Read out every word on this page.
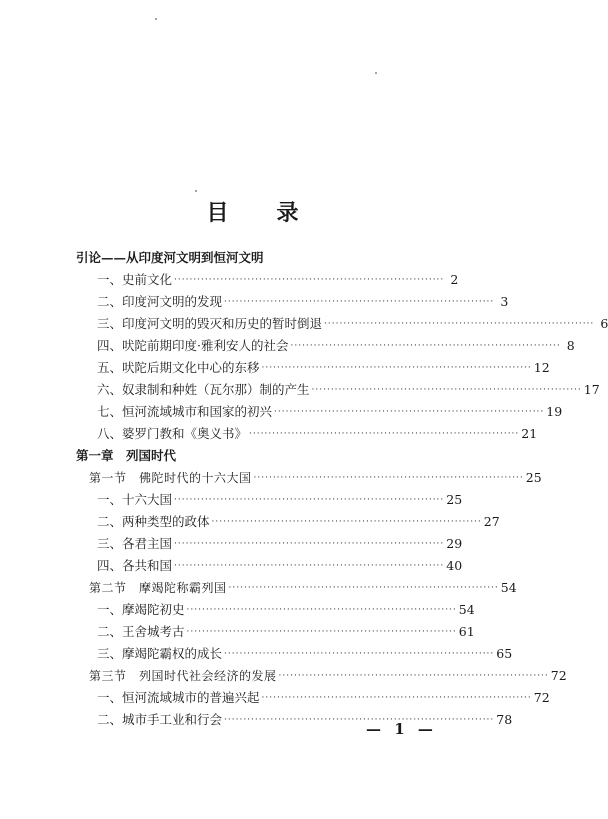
目 录
引论——从印度河文明到恒河文明
一、史前文化 ······································································ 2
二、印度河文明的发现 ······································································ 3
三、印度河文明的毁灭和历史的暂时倒退 ······································································ 6
四、吠陀前期印度·雅利安人的社会 ······································································ 8
五、吠陀后期文化中心的东移 ······································································ 12
六、奴隶制和种姓（瓦尔那）制的产生 ······································································ 17
七、恒河流域城市和国家的初兴 ······································································ 19
八、婆罗门教和《奥义书》 ······································································ 21
第一章　列国时代
第一节　佛陀时代的十六大国 ······································································ 25
一、十六大国 ······································································ 25
二、两种类型的政体 ······································································ 27
三、各君主国 ······································································ 29
四、各共和国 ······································································ 40
第二节　摩竭陀称霸列国 ······································································ 54
一、摩竭陀初史 ······································································ 54
二、王舍城考古 ······································································ 61
三、摩竭陀霸权的成长 ······································································ 65
第三节　列国时代社会经济的发展 ······································································ 72
一、恒河流域城市的普遍兴起 ······································································ 72
二、城市手工业和行会 ······································································ 78
— 1 —
